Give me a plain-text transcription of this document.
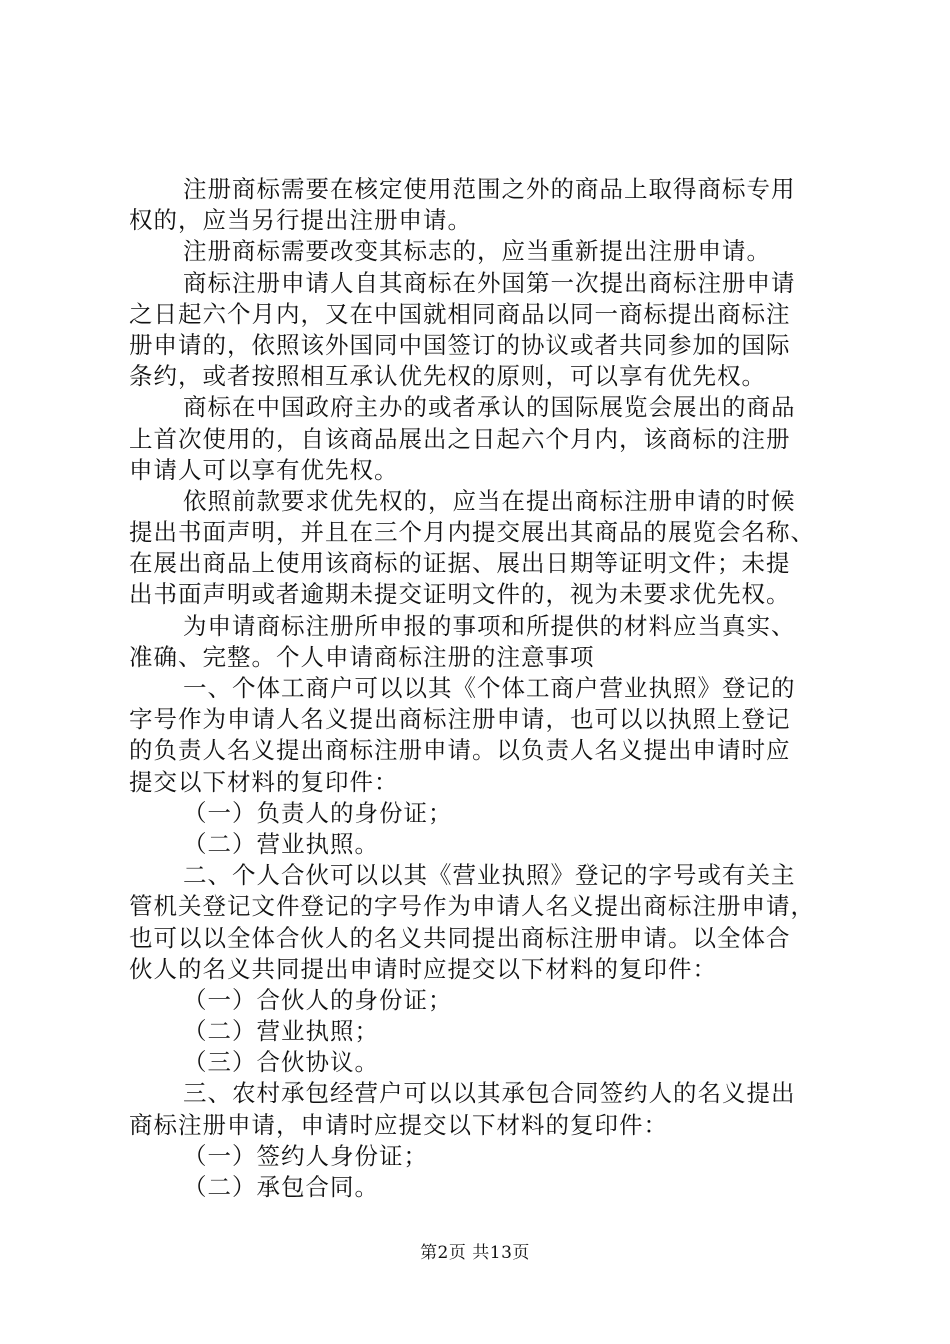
注册商标需要在核定使用范围之外的商品上取得商标专用
权的，应当另行提出注册申请。
注册商标需要改变其标志的，应当重新提出注册申请。
商标注册申请人自其商标在外国第一次提出商标注册申请
之日起六个月内，又在中国就相同商品以同一商标提出商标注
册申请的，依照该外国同中国签订的协议或者共同参加的国际
条约，或者按照相互承认优先权的原则，可以享有优先权。
商标在中国政府主办的或者承认的国际展览会展出的商品
上首次使用的，自该商品展出之日起六个月内，该商标的注册
申请人可以享有优先权。
依照前款要求优先权的，应当在提出商标注册申请的时候
提出书面声明，并且在三个月内提交展出其商品的展览会名称、
在展出商品上使用该商标的证据、展出日期等证明文件；未提
出书面声明或者逾期未提交证明文件的，视为未要求优先权。
为申请商标注册所申报的事项和所提供的材料应当真实、
准确、完整。个人申请商标注册的注意事项
一、个体工商户可以以其《个体工商户营业执照》登记的
字号作为申请人名义提出商标注册申请，也可以以执照上登记
的负责人名义提出商标注册申请。以负责人名义提出申请时应
提交以下材料的复印件：
（一）负责人的身份证；
（二）营业执照。
二、个人合伙可以以其《营业执照》登记的字号或有关主
管机关登记文件登记的字号作为申请人名义提出商标注册申请，
也可以以全体合伙人的名义共同提出商标注册申请。以全体合
伙人的名义共同提出申请时应提交以下材料的复印件：
（一）合伙人的身份证；
（二）营业执照；
（三）合伙协议。
三、农村承包经营户可以以其承包合同签约人的名义提出
商标注册申请，申请时应提交以下材料的复印件：
（一）签约人身份证；
（二）承包合同。
第2页 共13页
